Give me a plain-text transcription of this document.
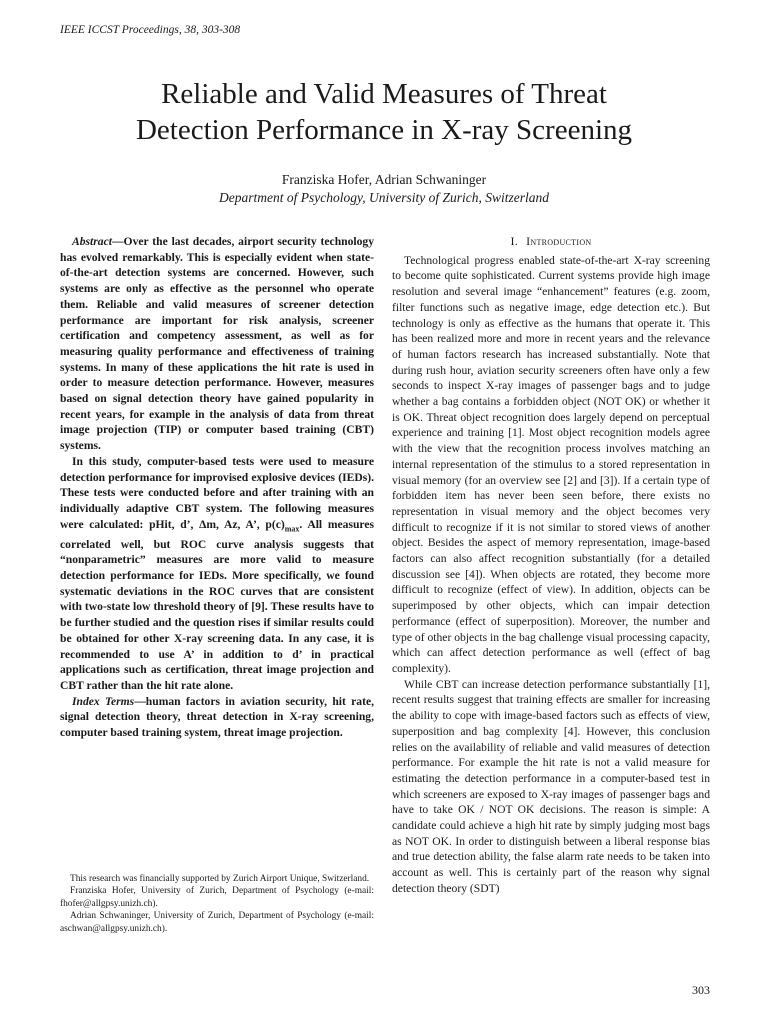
IEEE ICCST Proceedings, 38, 303-308
Reliable and Valid Measures of Threat
Detection Performance in X-ray Screening
Franziska Hofer, Adrian Schwaninger
Department of Psychology, University of Zurich, Switzerland

Abstract—Over the last decades, airport security technology has evolved remarkably. This is especially evident when state-of-the-art detection systems are concerned. However, such systems are only as effective as the personnel who operate them. Reliable and valid measures of screener detection performance are important for risk analysis, screener certification and competency assessment, as well as for measuring quality performance and effectiveness of training systems. In many of these applications the hit rate is used in order to measure detection performance. However, measures based on signal detection theory have gained popularity in recent years, for example in the analysis of data from threat image projection (TIP) or computer based training (CBT) systems.

In this study, computer-based tests were used to measure detection performance for improvised explosive devices (IEDs). These tests were conducted before and after training with an individually adaptive CBT system. The following measures were calculated: pHit, d’, Δm, Az, A’, $p(c)_{max}$. All measures correlated well, but ROC curve analysis suggests that “nonparametric” measures are more valid to measure detection performance for IEDs. More specifically, we found systematic deviations in the ROC curves that are consistent with two-state low threshold theory of [9]. These results have to be further studied and the question rises if similar results could be obtained for other X-ray screening data. In any case, it is recommended to use A’ in addition to d’ in practical applications such as certification, threat image projection and CBT rather than the hit rate alone.

Index Terms—human factors in aviation security, hit rate, signal detection theory, threat detection in X-ray screening, computer based training system, threat image projection.

This research was financially supported by Zurich Airport Unique, Switzerland.

Franziska Hofer, University of Zurich, Department of Psychology (e-mail: fhofer@allgpsy.unizh.ch).

Adrian Schwaninger, University of Zurich, Department of Psychology (e-mail: aschwan@allgpsy.unizh.ch).

I. Introduction

Technological progress enabled state-of-the-art X-ray screening to become quite sophisticated. Current systems provide high image resolution and several image “enhancement” features (e.g. zoom, filter functions such as negative image, edge detection etc.). But technology is only as effective as the humans that operate it. This has been realized more and more in recent years and the relevance of human factors research has increased substantially. Note that during rush hour, aviation security screeners often have only a few seconds to inspect X-ray images of passenger bags and to judge whether a bag contains a forbidden object (NOT OK) or whether it is OK. Threat object recognition does largely depend on perceptual experience and training [1]. Most object recognition models agree with the view that the recognition process involves matching an internal representation of the stimulus to a stored representation in visual memory (for an overview see [2] and [3]). If a certain type of forbidden item has never been seen before, there exists no representation in visual memory and the object becomes very difficult to recognize if it is not similar to stored views of another object. Besides the aspect of memory representation, image-based factors can also affect recognition substantially (for a detailed discussion see [4]). When objects are rotated, they become more difficult to recognize (effect of view). In addition, objects can be superimposed by other objects, which can impair detection performance (effect of superposition). Moreover, the number and type of other objects in the bag challenge visual processing capacity, which can affect detection performance as well (effect of bag complexity).

While CBT can increase detection performance substantially [1], recent results suggest that training effects are smaller for increasing the ability to cope with image-based factors such as effects of view, superposition and bag complexity [4]. However, this conclusion relies on the availability of reliable and valid measures of detection performance. For example the hit rate is not a valid measure for estimating the detection performance in a computer-based test in which screeners are exposed to X-ray images of passenger bags and have to take OK / NOT OK decisions. The reason is simple: A candidate could achieve a high hit rate by simply judging most bags as NOT OK. In order to distinguish between a liberal response bias and true detection ability, the false alarm rate needs to be taken into account as well. This is certainly part of the reason why signal detection theory (SDT)

303
